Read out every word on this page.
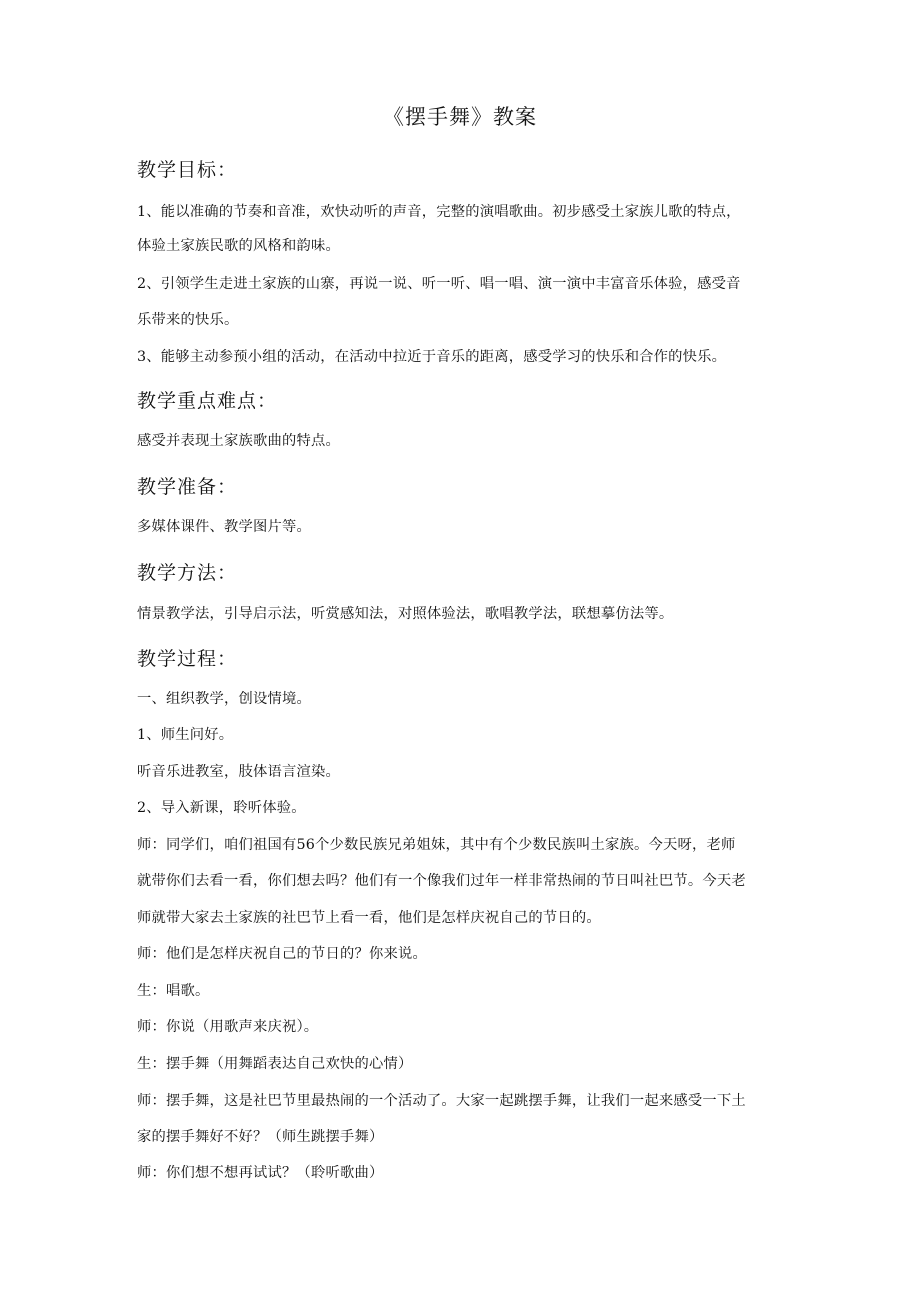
《摆手舞》教案
教学目标：
1、能以准确的节奏和音准，欢快动听的声音，完整的演唱歌曲。初步感受土家族儿歌的特点，
体验土家族民歌的风格和韵味。
2、引领学生走进土家族的山寨，再说一说、听一听、唱一唱、演一演中丰富音乐体验，感受音
乐带来的快乐。
3、能够主动参预小组的活动，在活动中拉近于音乐的距离，感受学习的快乐和合作的快乐。
教学重点难点：
感受并表现土家族歌曲的特点。
教学准备：
多媒体课件、教学图片等。
教学方法：
情景教学法，引导启示法，听赏感知法，对照体验法，歌唱教学法，联想摹仿法等。
教学过程：
一、组织教学，创设情境。
1、师生问好。
听音乐进教室，肢体语言渲染。
2、导入新课，聆听体验。
师：同学们，咱们祖国有56个少数民族兄弟姐妹，其中有个少数民族叫土家族。今天呀，老师
就带你们去看一看，你们想去吗？他们有一个像我们过年一样非常热闹的节日叫社巴节。今天老
师就带大家去土家族的社巴节上看一看，他们是怎样庆祝自己的节日的。
师：他们是怎样庆祝自己的节日的？你来说。
生：唱歌。
师：你说（用歌声来庆祝）。
生：摆手舞（用舞蹈表达自己欢快的心情）
师：摆手舞，这是社巴节里最热闹的一个活动了。大家一起跳摆手舞，让我们一起来感受一下土
家的摆手舞好不好？（师生跳摆手舞）
师：你们想不想再试试？（聆听歌曲）
